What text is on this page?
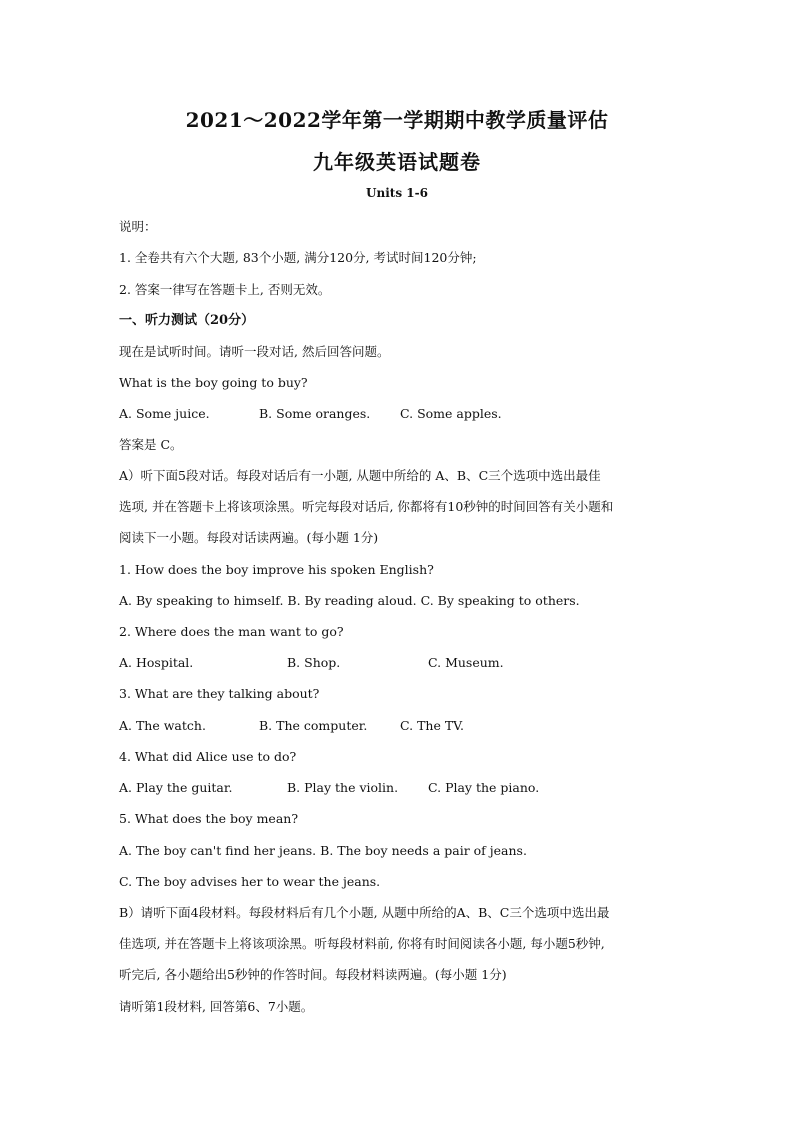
2021～2022学年第一学期期中教学质量评估
九年级英语试题卷
Units 1-6
说明：
1. 全卷共有六个大题, 83个小题, 满分120分, 考试时间120分钟;
2. 答案一律写在答题卡上, 否则无效。
一、听力测试（20分）
现在是试听时间。请听一段对话, 然后回答问题。
What is the boy going to buy?
A. Some juice.	B. Some oranges. C. Some apples.
答案是 C。
A）听下面5段对话。每段对话后有一小题, 从题中所给的 A、B、C三个选项中选出最佳
选项, 并在答题卡上将该项涂黑。听完每段对话后, 你都将有10秒钟的时间回答有关小题和
阅读下一小题。每段对话读两遍。(每小题 1分)
1. How does the boy improve his spoken English?
A. By speaking to himself. B. By reading aloud. C. By speaking to others.
2. Where does the man want to go?
A. Hospital.	B. Shop.	C. Museum.
3. What are they talking about?
A. The watch.	B. The computer.	C. The TV.
4. What did Alice use to do?
A. Play the guitar.	B. Play the violin. C. Play the piano.
5. What does the boy mean?
A. The boy can't find her jeans. B. The boy needs a pair of jeans.
C. The boy advises her to wear the jeans.
B）请听下面4段材料。每段材料后有几个小题, 从题中所给的A、B、C三个选项中选出最
佳选项, 并在答题卡上将该项涂黑。听每段材料前, 你将有时间阅读各小题, 每小题5秒钟,
听完后, 各小题给出5秒钟的作答时间。每段材料读两遍。(每小题 1分)
请听第1段材料, 回答第6、7小题。
